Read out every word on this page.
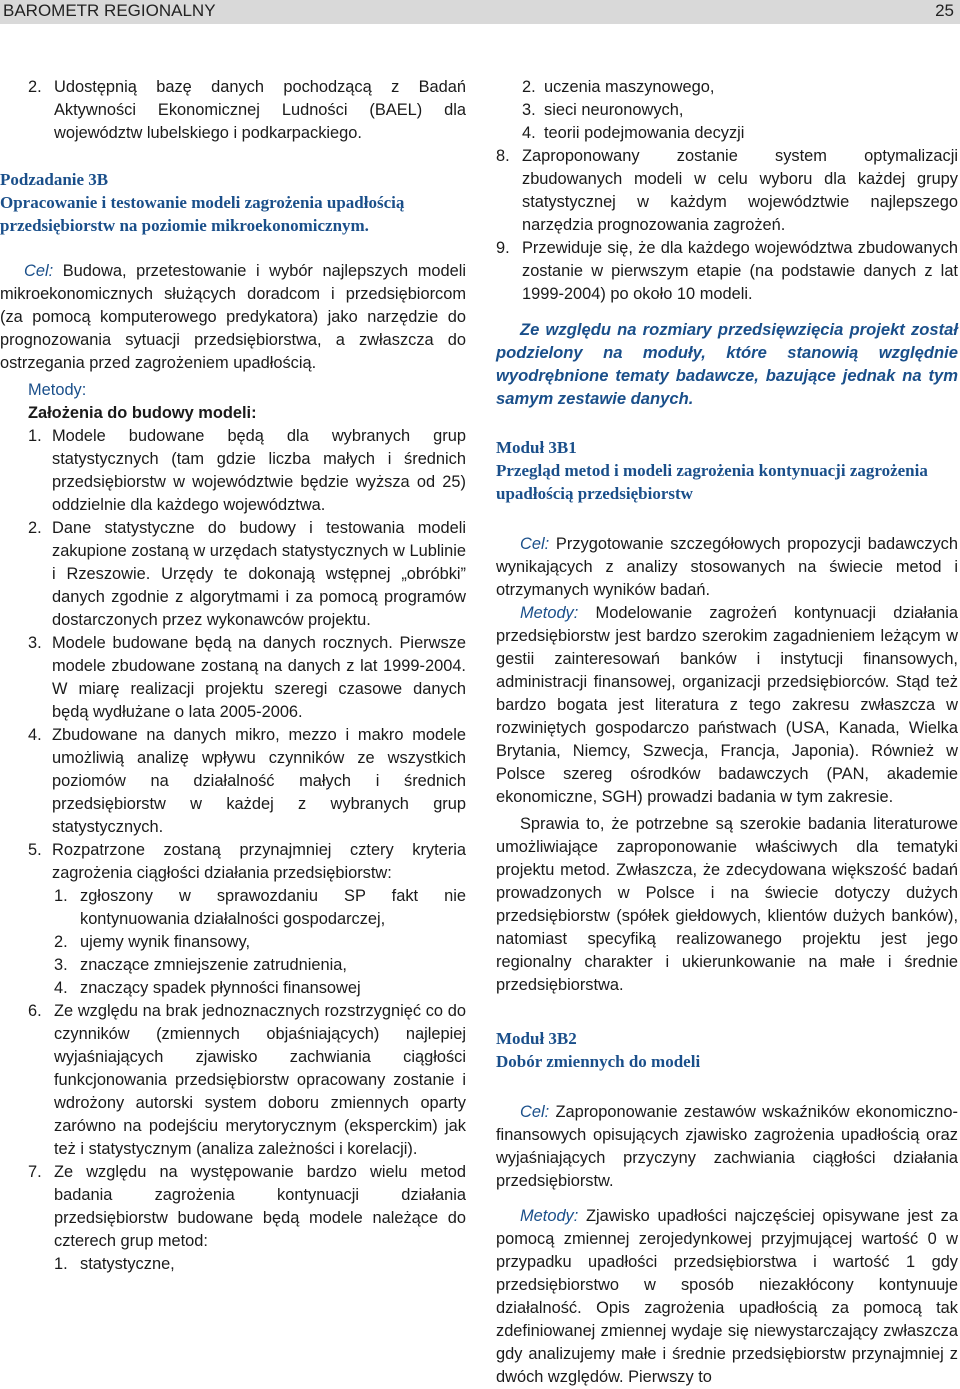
BAROMETR REGIONALNY	25
2. Udostępnią bazę danych pochodzącą z Badań Aktywności Ekonomicznej Ludności (BAEL) dla województw lubelskiego i podkarpackiego.
Podzadanie 3B
Opracowanie i testowanie modeli zagrożenia upadłością przedsiębiorstw na poziomie mikroekonomicznym.

Cel: Budowa, przetestowanie i wybór najlepszych modeli mikroekonomicznych służących doradcom i przedsiębiorcom (za pomocą komputerowego predykatora) jako narzędzie do prognozowania sytuacji przedsiębiorstwa, a zwłaszcza do ostrzegania przed zagrożeniem upadłością.

Metody:
Założenia do budowy modeli:
1. Modele budowane będą dla wybranych grup statystycznych (tam gdzie liczba małych i średnich przedsiębiorstw w województwie będzie wyższa od 25) oddzielnie dla każdego województwa.
2. Dane statystyczne do budowy i testowania modeli zakupione zostaną w urzędach statystycznych w Lublinie i Rzeszowie. Urzędy te dokonają wstępnej „obróbki” danych zgodnie z algorytmami i za pomocą programów dostarczonych przez wykonawców projektu.
3. Modele budowane będą na danych rocznych. Pierwsze modele zbudowane zostaną na danych z lat 1999-2004. W miarę realizacji projektu szeregi czasowe danych będą wydłużane o lata 2005-2006.
4. Zbudowane na danych mikro, mezzo i makro modele umożliwią analizę wpływu czynników ze wszystkich poziomów na działalność małych i średnich przedsiębiorstw w każdej z wybranych grup statystycznych.
5. Rozpatrzone zostaną przynajmniej cztery kryteria zagrożenia ciągłości działania przedsiębiorstw:
1. zgłoszony w sprawozdaniu SP fakt nie kontynuowania działalności gospodarczej,
2. ujemy wynik finansowy,
3. znaczące zmniejszenie zatrudnienia,
4. znaczący spadek płynności finansowej
6. Ze względu na brak jednoznacznych rozstrzygnięć co do czynników (zmiennych objaśniających) najlepiej wyjaśniających zjawisko zachwiania ciągłości funkcjonowania przedsiębiorstw opracowany zostanie i wdrożony autorski system doboru zmiennych oparty zarówno na podejściu merytorycznym (eksperckim) jak też i statystycznym (analiza zależności i korelacji).
7. Ze względu na występowanie bardzo wielu metod badania zagrożenia kontynuacji działania przedsiębiorstw budowane będą modele należące do czterech grup metod:
1. statystyczne,
2. uczenia maszynowego,
3. sieci neuronowych,
4. teorii podejmowania decyzji
8. Zaproponowany zostanie system optymalizacji zbudowanych modeli w celu wyboru dla każdej grupy statystycznej w każdym województwie najlepszego narzędzia prognozowania zagrożeń.
9. Przewiduje się, że dla każdego województwa zbudowanych zostanie w pierwszym etapie (na podstawie danych z lat 1999-2004) po około 10 modeli.

Ze względu na rozmiary przedsięwzięcia projekt został podzielony na moduły, które stanowią względnie wyodrębnione tematy badawcze, bazujące jednak na tym samym zestawie danych.

Moduł 3B1
Przegląd metod i modeli zagrożenia kontynuacji zagrożenia upadłością przedsiębiorstw

Cel: Przygotowanie szczegółowych propozycji badawczych wynikających z analizy stosowanych na świecie metod i otrzymanych wyników badań.

Metody: Modelowanie zagrożeń kontynuacji działania przedsiębiorstw jest bardzo szerokim zagadnieniem leżącym w gestii zainteresowań banków i instytucji finansowych, administracji finansowej, organizacji przedsiębiorców. Stąd też bardzo bogata jest literatura z tego zakresu zwłaszcza w rozwiniętych gospodarczo państwach (USA, Kanada, Wielka Brytania, Niemcy, Szwecja, Francja, Japonia). Również w Polsce szereg ośrodków badawczych (PAN, akademie ekonomiczne, SGH) prowadzi badania w tym zakresie.

Sprawia to, że potrzebne są szerokie badania literaturowe umożliwiające zaproponowanie właściwych dla tematyki projektu metod. Zwłaszcza, że zdecydowana większość badań prowadzonych w Polsce i na świecie dotyczy dużych przedsiębiorstw (spółek giełdowych, klientów dużych banków), natomiast specyfiką realizowanego projektu jest jego regionalny charakter i ukierunkowanie na małe i średnie przedsiębiorstwa.

Moduł 3B2
Dobór zmiennych do modeli

Cel: Zaproponowanie zestawów wskaźników ekonomiczno-finansowych opisujących zjawisko zagrożenia upadłością oraz wyjaśniających przyczyny zachwiania ciągłości działania przedsiębiorstw.

Metody: Zjawisko upadłości najczęściej opisywane jest za pomocą zmiennej zerojedynkowej przyjmującej wartość 0 w przypadku upadłości przedsiębiorstwa i wartość 1 gdy przedsiębiorstwo w sposób niezakłócony kontynuuje działalność. Opis zagrożenia upadłością za pomocą tak zdefiniowanej zmiennej wydaje się niewystarczający zwłaszcza gdy analizujemy małe i średnie przedsiębiorstw przynajmniej z dwóch względów. Pierwszy to
